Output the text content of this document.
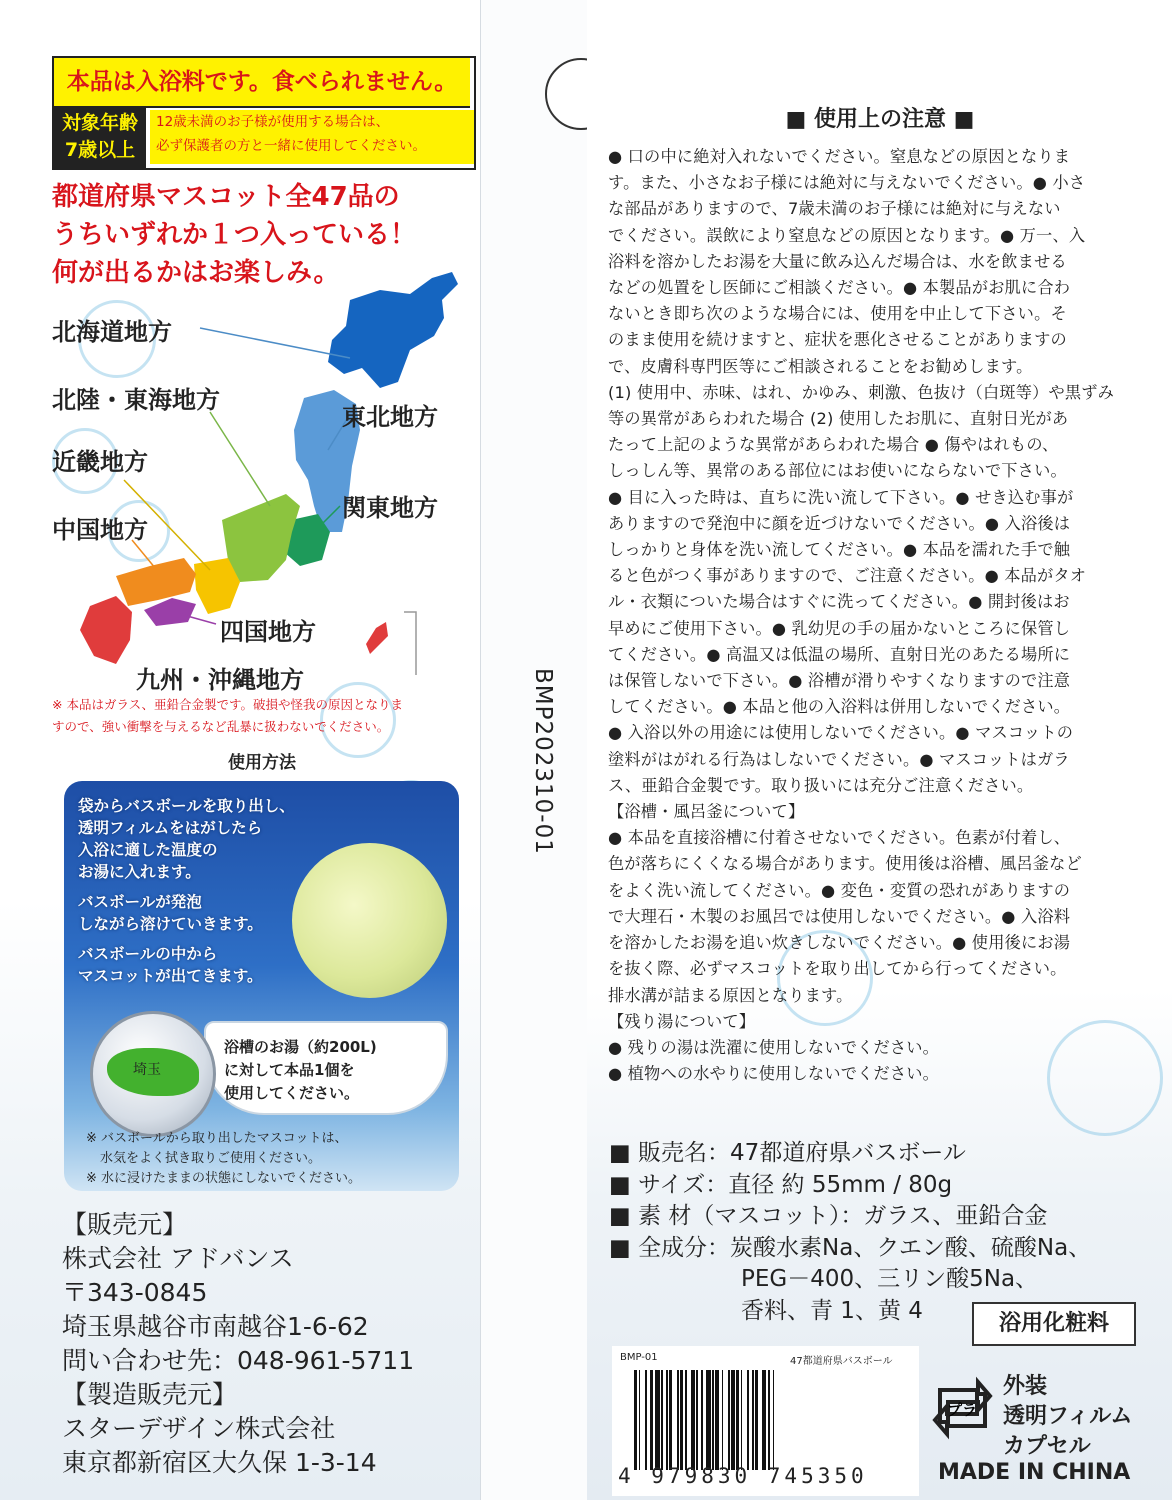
本品は入浴料です。食べられません。
対象年齢
7歳以上
12歳未満のお子様が使用する場合は、
必ず保護者の方と一緒に使用してください。
都道府県マスコット全47品の
うちいずれか１つ入っている！
何が出るかはお楽しみ。
北海道地方
北陸・東海地方
近畿地方
中国地方
東北地方
関東地方
四国地方
九州・沖縄地方
※ 本品はガラス、亜鉛合金製です。破損や怪我の原因となりま
すので、強い衝撃を与えるなど乱暴に扱わないでください。
使用方法
袋からバスボールを取り出し、
透明フィルムをはがしたら
入浴に適した温度の
お湯に入れます。
バスボールが発泡
しながら溶けていきます。
バスボールの中から
マスコットが出てきます。
浴槽のお湯（約200L)
に対して本品1個を
使用してください。
埼玉
※ バスボールから取り出したマスコットは、
水気をよく拭き取りご使用ください。
※ 水に浸けたままの状態にしないでください。
【販売元】
株式会社 アドバンス
〒343-0845
埼玉県越谷市南越谷1-6-62
問い合わせ先：048-961-5711
【製造販売元】
スターデザイン株式会社
東京都新宿区大久保 1-3-14
BMP202310-01
■ 使用上の注意 ■

● 口の中に絶対入れないでください。窒息などの原因となりま

す。また、小さなお子様には絶対に与えないでください。● 小さ

な部品がありますので、7歳未満のお子様には絶対に与えない

でください。誤飲により窒息などの原因となります。● 万一、入

浴料を溶かしたお湯を大量に飲み込んだ場合は、水を飲ませる

などの処置をし医師にご相談ください。● 本製品がお肌に合わ

ないとき即ち次のような場合には、使用を中止して下さい。そ

のまま使用を続けますと、症状を悪化させることがありますの

で、皮膚科専門医等にご相談されることをお勧めします。

(1) 使用中、赤味、はれ、かゆみ、刺激、色抜け（白斑等）や黒ずみ

等の異常があらわれた場合 (2) 使用したお肌に、直射日光があ

たって上記のような異常があらわれた場合 ● 傷やはれもの、

しっしん等、異常のある部位にはお使いにならないで下さい。

● 目に入った時は、直ちに洗い流して下さい。● せき込む事が

ありますので発泡中に顔を近づけないでください。● 入浴後は

しっかりと身体を洗い流してください。● 本品を濡れた手で触

ると色がつく事がありますので、ご注意ください。● 本品がタオ

ル・衣類についた場合はすぐに洗ってください。● 開封後はお

早めにご使用下さい。● 乳幼児の手の届かないところに保管し

てください。● 高温又は低温の場所、直射日光のあたる場所に

は保管しないで下さい。● 浴槽が滑りやすくなりますので注意

してください。● 本品と他の入浴料は併用しないでください。

● 入浴以外の用途には使用しないでください。● マスコットの

塗料がはがれる行為はしないでください。● マスコットはガラ

ス、亜鉛合金製です。取り扱いには充分ご注意ください。

【浴槽・風呂釜について】

● 本品を直接浴槽に付着させないでください。色素が付着し、

色が落ちにくくなる場合があります。使用後は浴槽、風呂釜など

をよく洗い流してください。● 変色・変質の恐れがありますの

で大理石・木製のお風呂では使用しないでください。● 入浴料

を溶かしたお湯を追い炊きしないでください。● 使用後にお湯

を抜く際、必ずマスコットを取り出してから行ってください。

排水溝が詰まる原因となります。

【残り湯について】

● 残りの湯は洗濯に使用しないでください。

● 植物への水やりに使用しないでください。

■ 販売名： 47都道府県バスボール
■ サイズ： 直径 約 55mm / 80g
■ 素 材（マスコット）： ガラス、亜鉛合金
■ 全成分： 炭酸水素Na、クエン酸、硫酸Na、
PEG－400、三リン酸5Na、
香料、青 1、黄 4	浴用化粧料
BMP-01	47都道府県バスボール
4 979830 745350
プラ
外装
透明フィルム
カプセル
MADE IN CHINA
